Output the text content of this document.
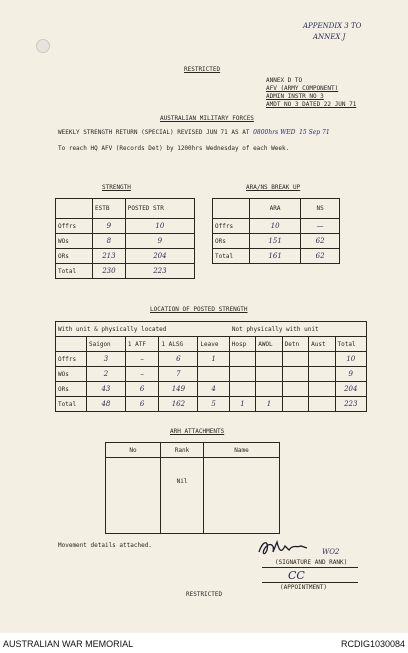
APPENDIX 3 TO
ANNEX J
RESTRICTED
ANNEX D TO
AFV (ARMY COMPONENT)
ADMIN INSTR NO 3
AMDT NO 3 DATED 22 JUN 71
AUSTRALIAN MILITARY FORCES
WEEKLY STRENGTH RETURN (SPECIAL) REVISED JUN 71 AS AT 0800hrs WED 15 Sep 71
To reach HQ AFV (Records Det) by 1200hrs Wednesday of each Week.
STRENGTH	ARA/NS BREAK UP
	ESTB	POSTED STR
Offrs	9	10
WOs	8	9
ORs	213	204
Total	230	223
	ARA	NS
Offrs	10	—
ORs	151	62
Total	161	62
LOCATION OF POSTED STRENGTH
With unit & physically located				Not physically with unit					
	Saigon	1 ATF	1 ALSG	Leave	Hosp	AWOL	Detn	Aust	Total
Offrs	3	–	6	1					10
WOs	2	–	7						9
ORs	43	6	149	4					204
Total	48	6	162	5	1	1			223
ARH ATTACHMENTS
No	Rank	Name
	Nil	
Movement details attached.
WO2
(SIGNATURE AND RANK)
CC
(APPOINTMENT)
RESTRICTED
AUSTRALIAN WAR MEMORIAL	RCDIG1030084
